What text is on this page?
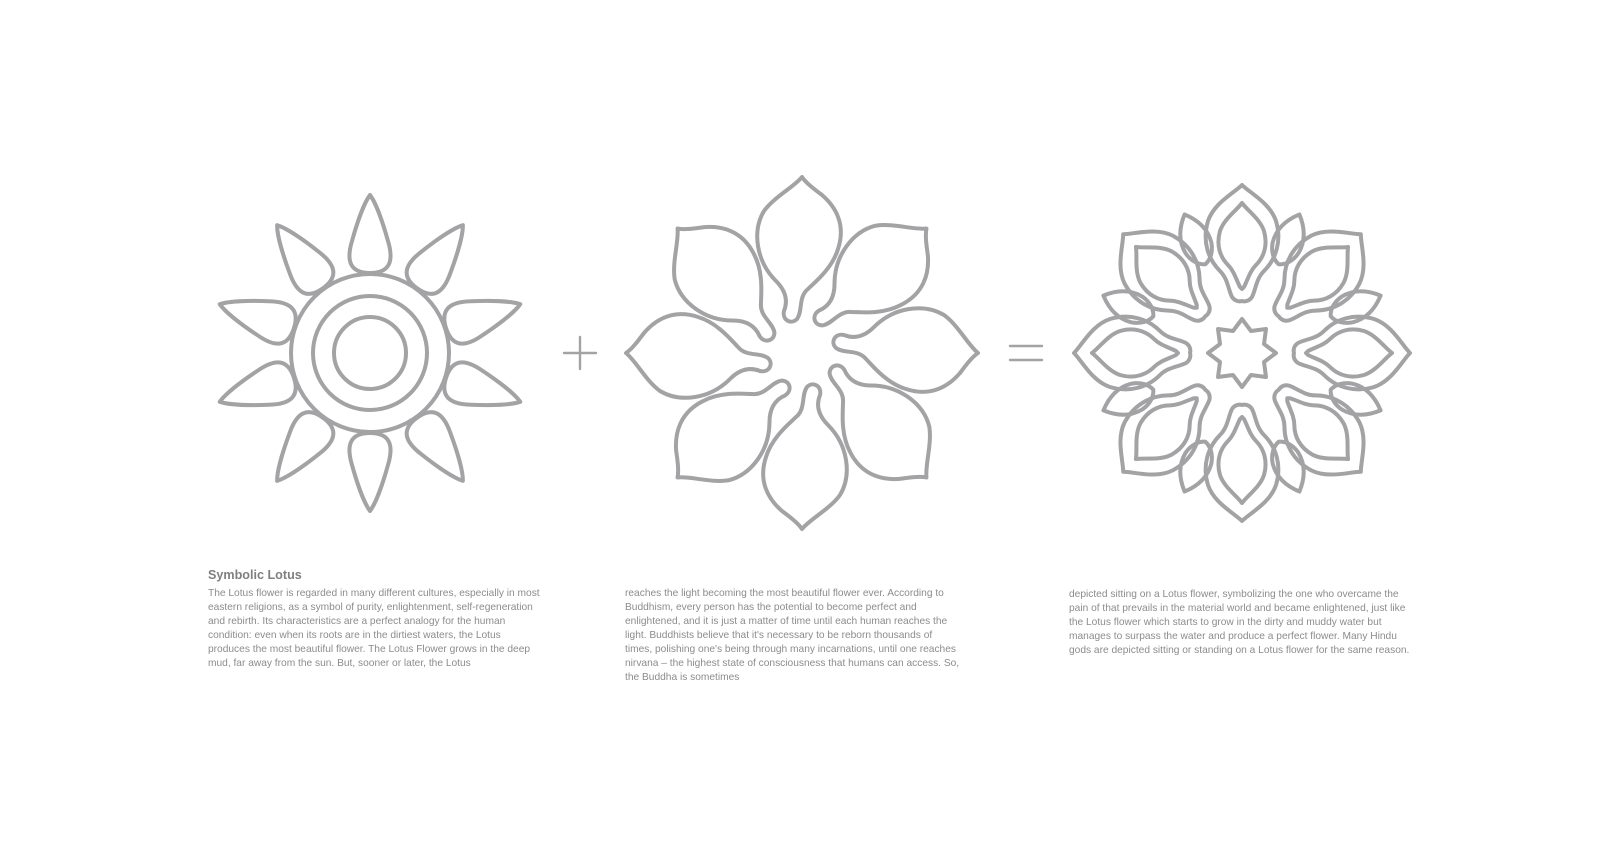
Symbolic Lotus

The Lotus flower is regarded in many different cultures, especially in most eastern religions, as a symbol of purity, enlightenment, self-regeneration and rebirth. Its characteristics are a perfect analogy for the human condition: even when its roots are in the dirtiest waters, the Lotus produces the most beautiful flower. The Lotus Flower grows in the deep mud, far away from the sun. But, sooner or later, the Lotus

reaches the light becoming the most beautiful flower ever. According to Buddhism, every person has the potential to become perfect and enlightened, and it is just a matter of time until each human reaches the light. Buddhists believe that it's necessary to be reborn thousands of times, polishing one's being through many incarnations, until one reaches nirvana – the highest state of consciousness that humans can access. So, the Buddha is sometimes

depicted sitting on a Lotus flower, symbolizing the one who overcame the pain of that prevails in the material world and became enlightened, just like the Lotus flower which starts to grow in the dirty and muddy water but manages to surpass the water and produce a perfect flower. Many Hindu gods are depicted sitting or standing on a Lotus flower for the same reason.
